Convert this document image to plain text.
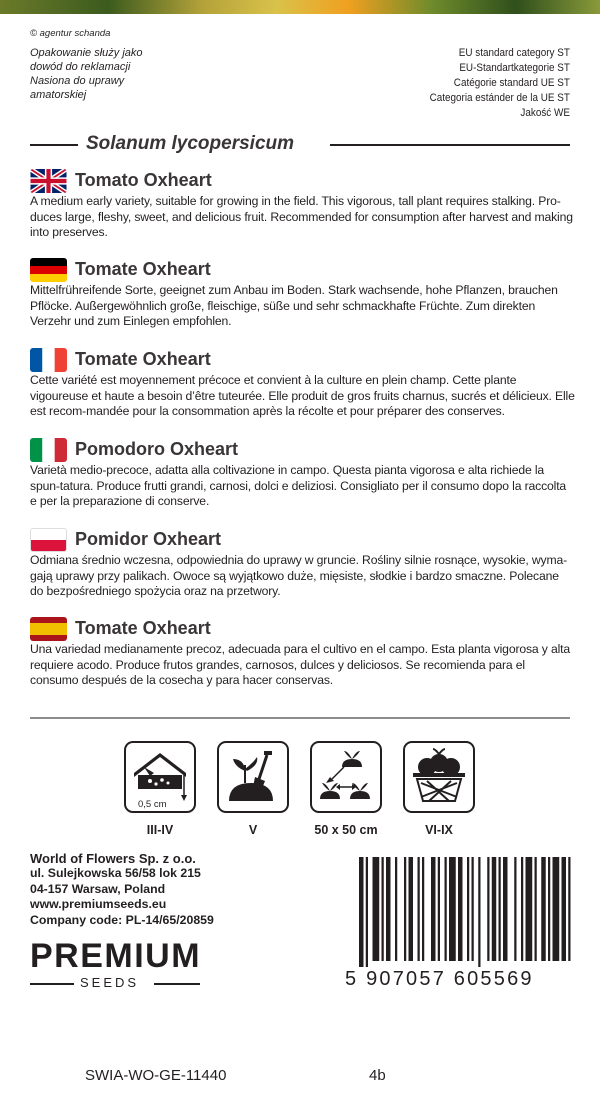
© agentur schanda
Opakowanie służy jako
dowód do reklamacji
Nasiona do uprawy
amatorskiej
EU standard category ST
EU-Standartkategorie ST
Catégorie standard UE ST
Categoria estánder de la UE ST
Jakość WE
Solanum lycopersicum
Tomato Oxheart
A medium early variety, suitable for growing in the field. This vigorous, tall plant requires stalking. Pro-duces large, fleshy, sweet, and delicious fruit. Recommended for consumption after harvest and making into preserves.
Tomate Oxheart
Mittelfrühreifende Sorte, geeignet zum Anbau im Boden. Stark wachsende, hohe Pflanzen, brauchen Pflöcke. Außergewöhnlich große, fleischige, süße und sehr schmackhafte Früchte. Zum direkten Verzehr und zum Einlegen empfohlen.
Tomate Oxheart
Cette variété est moyennement précoce et convient à la culture en plein champ. Cette plante vigoureuse et haute a besoin d’être tuteurée. Elle produit de gros fruits charnus, sucrés et délicieux. Elle est recom-mandée pour la consommation après la récolte et pour préparer des conserves.
Pomodoro Oxheart
Varietà medio-precoce, adatta alla coltivazione in campo. Questa pianta vigorosa e alta richiede la spun-tatura. Produce frutti grandi, carnosi, dolci e deliziosi. Consigliato per il consumo dopo la raccolta e per la preparazione di conserve.
Pomidor Oxheart
Odmiana średnio wczesna, odpowiednia do uprawy w gruncie. Rośliny silnie rosnące, wysokie, wyma-gają uprawy przy palikach. Owoce są wyjątkowo duże, mięsiste, słodkie i bardzo smaczne. Polecane do bezpośredniego spożycia oraz na przetwory.
Tomate Oxheart
Una variedad medianamente precoz, adecuada para el cultivo en el campo. Esta planta vigorosa y alta requiere acodo. Produce frutos grandes, carnosos, dulces y deliciosos. Se recomienda para el consumo después de la cosecha y para hacer conservas.
0,5 cm
III-IV	V	50 x 50 cm	VI-IX
World of Flowers Sp. z o.o.
ul. Sulejkowska 56/58 lok 215
04-157 Warsaw, Poland
www.premiumseeds.eu
Company code: PL-14/65/20859
PREMIUM
SEEDS	5 907057 605569
SWIA-WO-GE-11440	4b
